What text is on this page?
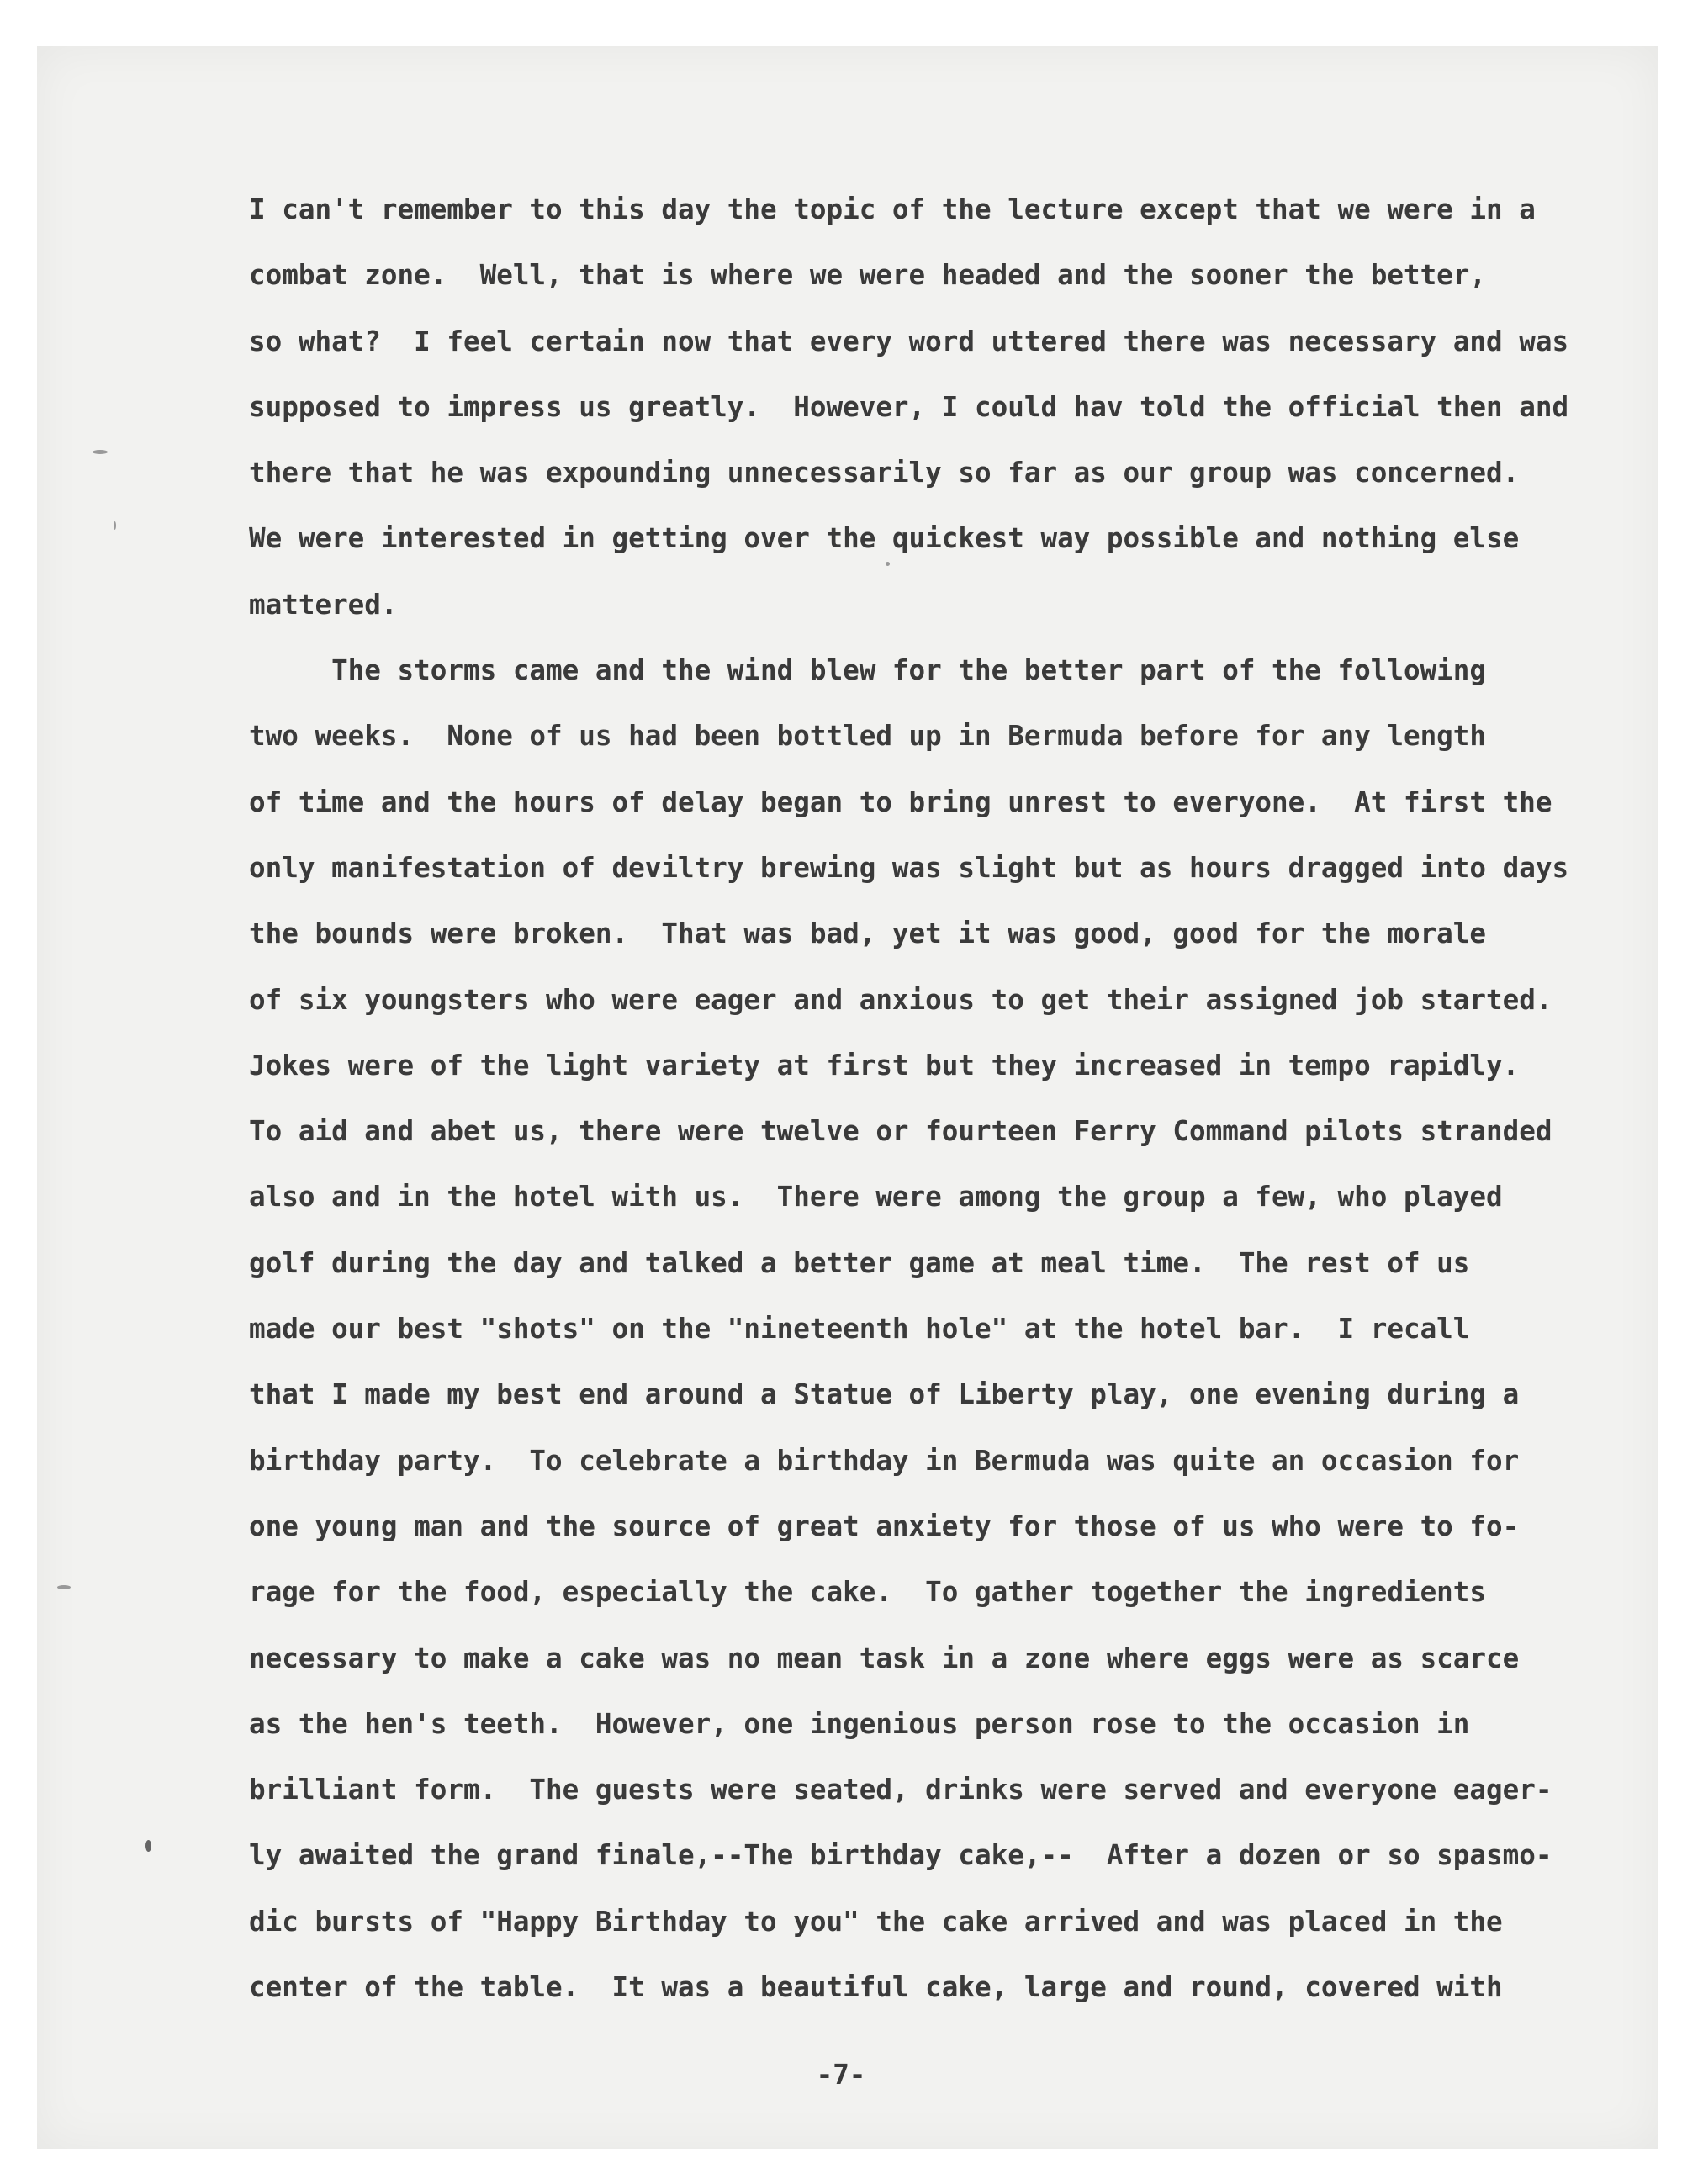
I can't remember to this day the topic of the lecture except that we were in a
combat zone.  Well, that is where we were headed and the sooner the better,
so what?  I feel certain now that every word uttered there was necessary and was
supposed to impress us greatly.  However, I could hav told the official then and
there that he was expounding unnecessarily so far as our group was concerned.
We were interested in getting over the quickest way possible and nothing else
mattered.
The storms came and the wind blew for the better part of the following
two weeks.  None of us had been bottled up in Bermuda before for any length
of time and the hours of delay began to bring unrest to everyone.  At first the
only manifestation of deviltry brewing was slight but as hours dragged into days
the bounds were broken.  That was bad, yet it was good, good for the morale
of six youngsters who were eager and anxious to get their assigned job started.
Jokes were of the light variety at first but they increased in tempo rapidly.
To aid and abet us, there were twelve or fourteen Ferry Command pilots stranded
also and in the hotel with us.  There were among the group a few, who played
golf during the day and talked a better game at meal time.  The rest of us
made our best "shots" on the "nineteenth hole" at the hotel bar.  I recall
that I made my best end around a Statue of Liberty play, one evening during a
birthday party.  To celebrate a birthday in Bermuda was quite an occasion for
one young man and the source of great anxiety for those of us who were to fo-
rage for the food, especially the cake.  To gather together the ingredients
necessary to make a cake was no mean task in a zone where eggs were as scarce
as the hen's teeth.  However, one ingenious person rose to the occasion in
brilliant form.  The guests were seated, drinks were served and everyone eager-
ly awaited the grand finale,--The birthday cake,--  After a dozen or so spasmo-
dic bursts of "Happy Birthday to you" the cake arrived and was placed in the
center of the table.  It was a beautiful cake, large and round, covered with
-7-
